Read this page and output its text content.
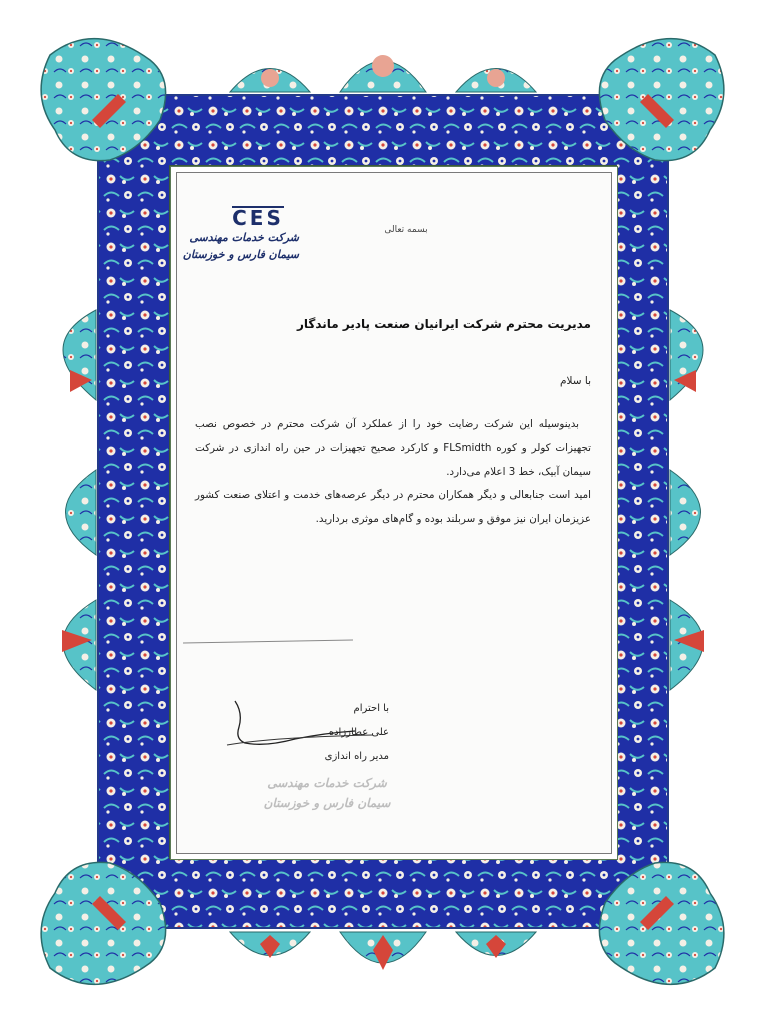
CES
شرکت خدمات مهندسی
سیمان فارس و خوزستان
بسمه تعالی
مدیریت محترم شرکت ایرانیان صنعت پادیر ماندگار
با سلام

بدینوسیله این شرکت رضایت خود را از عملکرد آن شرکت محترم در خصوص نصب تجهیزات کولر و کوره FLSmidth و کارکرد صحیح تجهیزات در حین راه اندازی در شرکت سیمان آبیک، خط 3 اعلام می‌دارد.

امید است جنابعالی و دیگر همکاران محترم در دیگر عرصه‌های خدمت و اعتلای صنعت کشور عزیزمان ایران نیز موفق و سربلند بوده و گام‌های موثری بردارید.

با احترام
علی عطارزاده
مدیر راه اندازی
شرکت خدمات مهندسی
سیمان فارس و خوزستان
